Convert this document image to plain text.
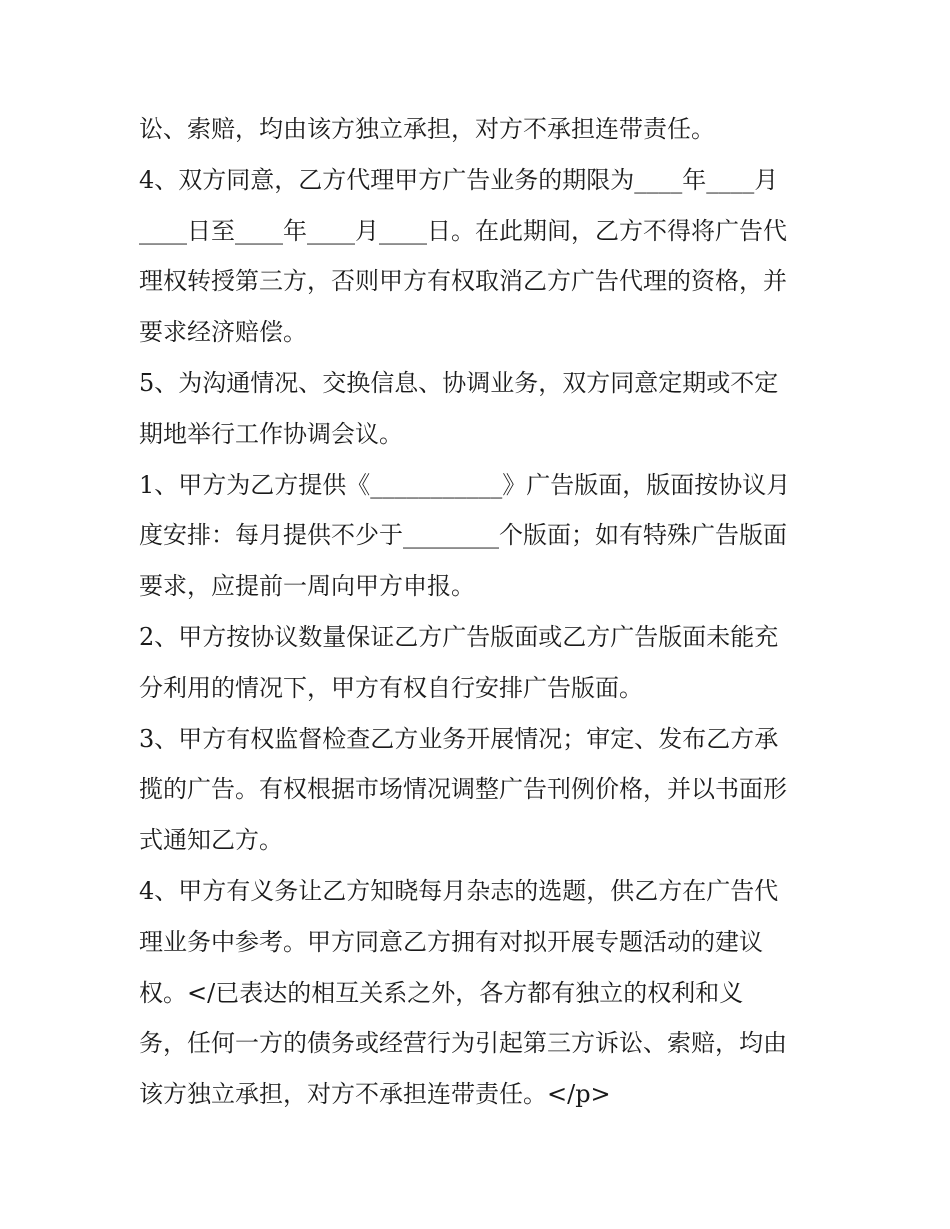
讼、索赔，均由该方独立承担，对方不承担连带责任。
4、双方同意，乙方代理甲方广告业务的期限为____年____月
____日至____年____月____日。在此期间，乙方不得将广告代
理权转授第三方，否则甲方有权取消乙方广告代理的资格，并
要求经济赔偿。
5、为沟通情况、交换信息、协调业务，双方同意定期或不定
期地举行工作协调会议。
1、甲方为乙方提供《___________》广告版面，版面按协议月
度安排：每月提供不少于________个版面；如有特殊广告版面
要求，应提前一周向甲方申报。
2、甲方按协议数量保证乙方广告版面或乙方广告版面未能充
分利用的情况下，甲方有权自行安排广告版面。
3、甲方有权监督检查乙方业务开展情况；审定、发布乙方承
揽的广告。有权根据市场情况调整广告刊例价格，并以书面形
式通知乙方。
4、甲方有义务让乙方知晓每月杂志的选题，供乙方在广告代
理业务中参考。甲方同意乙方拥有对拟开展专题活动的建议
权。</已表达的相互关系之外，各方都有独立的权利和义
务，任何一方的债务或经营行为引起第三方诉讼、索赔，均由
该方独立承担，对方不承担连带责任。</p>
